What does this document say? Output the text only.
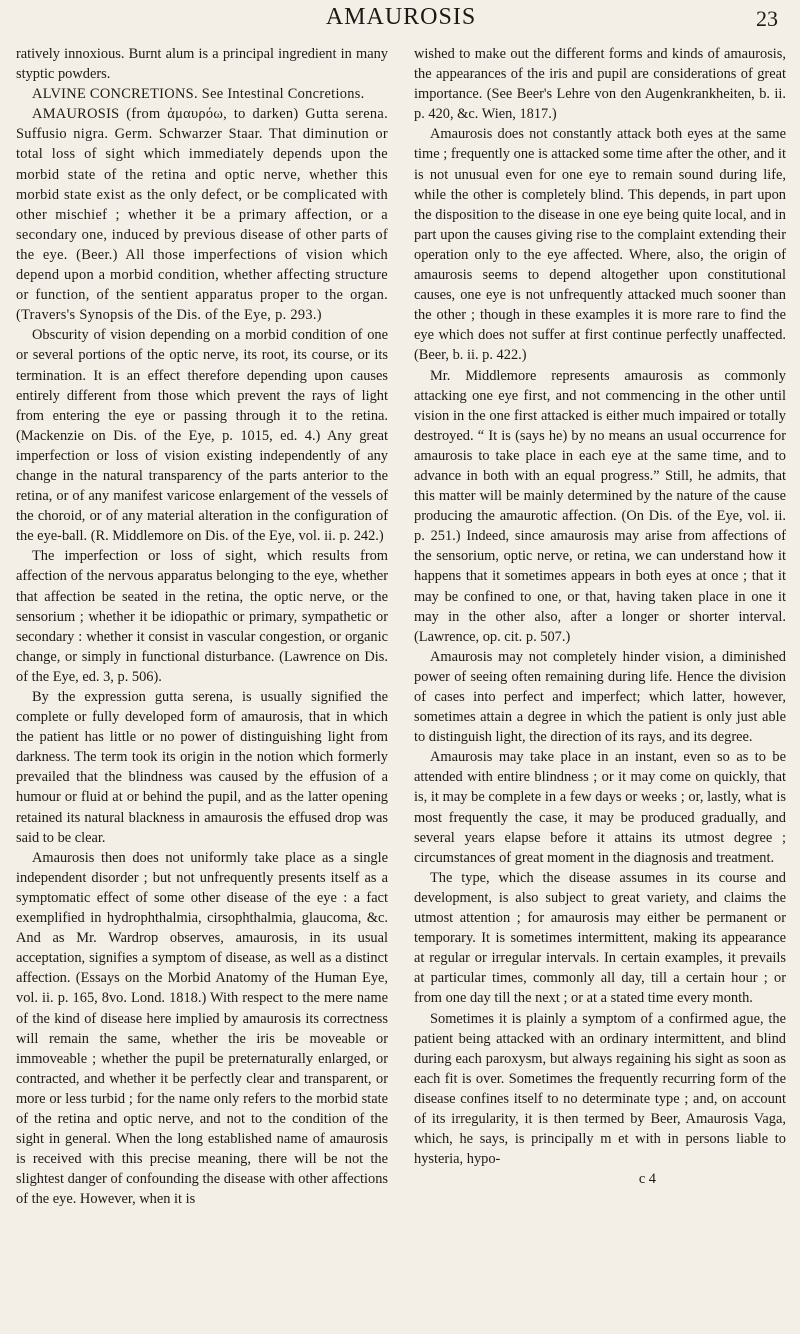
AMAUROSIS	23

ratively innoxious. Burnt alum is a principal ingredient in many styptic powders.

ALVINE CONCRETIONS. See Intestinal Concretions.

AMAUROSIS (from ἀμαυρόω, to darken) Gutta serena. Suffusio nigra. Germ. Schwarzer Staar. That diminution or total loss of sight which immediately depends upon the morbid state of the retina and optic nerve, whether this morbid state exist as the only defect, or be complicated with other mischief ; whether it be a primary affection, or a secondary one, induced by previous disease of other parts of the eye. (Beer.) All those imperfections of vision which depend upon a morbid condition, whether affecting structure or function, of the sentient apparatus proper to the organ. (Travers's Synopsis of the Dis. of the Eye, p. 293.)

Obscurity of vision depending on a morbid condition of one or several portions of the optic nerve, its root, its course, or its termination. It is an effect therefore depending upon causes entirely different from those which prevent the rays of light from entering the eye or passing through it to the retina. (Mackenzie on Dis. of the Eye, p. 1015, ed. 4.) Any great imperfection or loss of vision existing independently of any change in the natural transparency of the parts anterior to the retina, or of any manifest varicose enlargement of the vessels of the choroid, or of any material alteration in the configuration of the eye-ball. (R. Middlemore on Dis. of the Eye, vol. ii. p. 242.)

The imperfection or loss of sight, which results from affection of the nervous apparatus belonging to the eye, whether that affection be seated in the retina, the optic nerve, or the sensorium ; whether it be idiopathic or primary, sympathetic or secondary : whether it consist in vascular congestion, or organic change, or simply in functional disturbance. (Lawrence on Dis. of the Eye, ed. 3, p. 506).

By the expression gutta serena, is usually signified the complete or fully developed form of amaurosis, that in which the patient has little or no power of distinguishing light from darkness. The term took its origin in the notion which formerly prevailed that the blindness was caused by the effusion of a humour or fluid at or behind the pupil, and as the latter opening retained its natural blackness in amaurosis the effused drop was said to be clear.

Amaurosis then does not uniformly take place as a single independent disorder ; but not unfrequently presents itself as a symptomatic effect of some other disease of the eye : a fact exemplified in hydrophthalmia, cirsophthalmia, glaucoma, &c. And as Mr. Wardrop observes, amaurosis, in its usual acceptation, signifies a symptom of disease, as well as a distinct affection. (Essays on the Morbid Anatomy of the Human Eye, vol. ii. p. 165, 8vo. Lond. 1818.) With respect to the mere name of the kind of disease here implied by amaurosis its correctness will remain the same, whether the iris be moveable or immoveable ; whether the pupil be preternaturally enlarged, or contracted, and whether it be perfectly clear and transparent, or more or less turbid ; for the name only refers to the morbid state of the retina and optic nerve, and not to the condition of the sight in general. When the long established name of amaurosis is received with this precise meaning, there will be not the slightest danger of confounding the disease with other affections of the eye. However, when it is

wished to make out the different forms and kinds of amaurosis, the appearances of the iris and pupil are considerations of great importance. (See Beer's Lehre von den Augenkrankheiten, b. ii. p. 420, &c. Wien, 1817.)

Amaurosis does not constantly attack both eyes at the same time ; frequently one is attacked some time after the other, and it is not unusual even for one eye to remain sound during life, while the other is completely blind. This depends, in part upon the disposition to the disease in one eye being quite local, and in part upon the causes giving rise to the complaint extending their operation only to the eye affected. Where, also, the origin of amaurosis seems to depend altogether upon constitutional causes, one eye is not unfrequently attacked much sooner than the other ; though in these examples it is more rare to find the eye which does not suffer at first continue perfectly unaffected. (Beer, b. ii. p. 422.)

Mr. Middlemore represents amaurosis as commonly attacking one eye first, and not commencing in the other until vision in the one first attacked is either much impaired or totally destroyed. “ It is (says he) by no means an usual occurrence for amaurosis to take place in each eye at the same time, and to advance in both with an equal progress.” Still, he admits, that this matter will be mainly determined by the nature of the cause producing the amaurotic affection. (On Dis. of the Eye, vol. ii. p. 251.) Indeed, since amaurosis may arise from affections of the sensorium, optic nerve, or retina, we can understand how it happens that it sometimes appears in both eyes at once ; that it may be confined to one, or that, having taken place in one it may in the other also, after a longer or shorter interval. (Lawrence, op. cit. p. 507.)

Amaurosis may not completely hinder vision, a diminished power of seeing often remaining during life. Hence the division of cases into perfect and imperfect; which latter, however, sometimes attain a degree in which the patient is only just able to distinguish light, the direction of its rays, and its degree.

Amaurosis may take place in an instant, even so as to be attended with entire blindness ; or it may come on quickly, that is, it may be complete in a few days or weeks ; or, lastly, what is most frequently the case, it may be produced gradually, and several years elapse before it attains its utmost degree ; circumstances of great moment in the diagnosis and treatment.

The type, which the disease assumes in its course and development, is also subject to great variety, and claims the utmost attention ; for amaurosis may either be permanent or temporary. It is sometimes intermittent, making its appearance at regular or irregular intervals. In certain examples, it prevails at particular times, commonly all day, till a certain hour ; or from one day till the next ; or at a stated time every month.

Sometimes it is plainly a symptom of a confirmed ague, the patient being attacked with an ordinary intermittent, and blind during each paroxysm, but always regaining his sight as soon as each fit is over. Sometimes the frequently recurring form of the disease confines itself to no determinate type ; and, on account of its irregularity, it is then termed by Beer, Amaurosis Vaga, which, he says, is principally m et with in persons liable to hysteria, hypo-

c 4
